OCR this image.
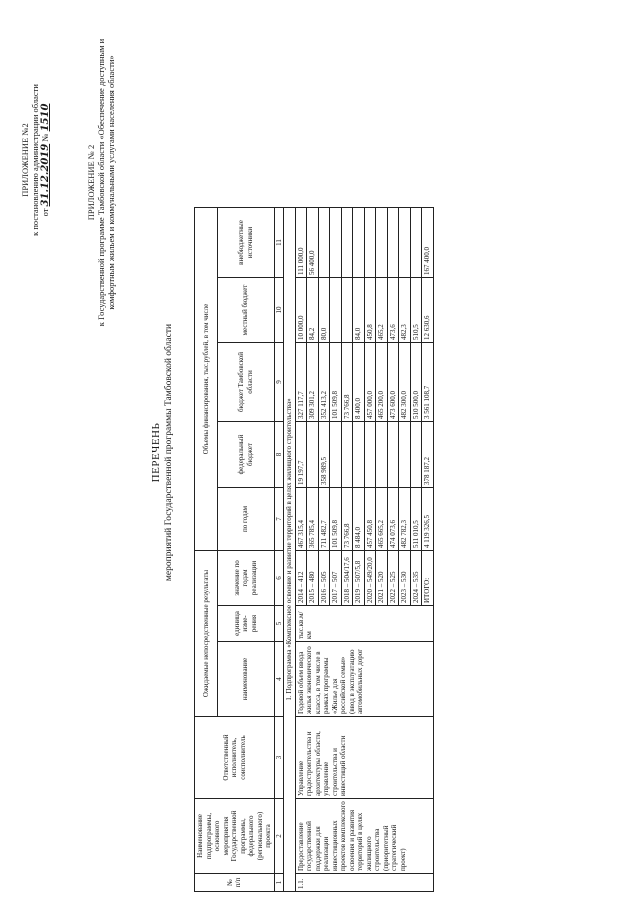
ПРИЛОЖЕНИЕ №2 к постановлению администрации области от 31.12.2019 № 1510
ПРИЛОЖЕНИЕ № 2 к Государственной программе Тамбовской области «Обеспечение доступным и комфортным жильем и коммунальными услугами населения области»
ПЕРЕЧЕНЬ мероприятий Государственной программы Тамбовской области
№ п/п	Наименование подпрограммы, основного мероприятия Государственной программы, федерального (регионального) проекта	Ответственный исполнитель, соисполнитель	Ожидаемые непосредственные результаты			Объемы финансирования, тыс.рублей, в том числе				
			наименование	единица изме-рения	значение по годам реализации	по годам	федеральный бюджет	бюджет Тамбовской области	местный бюджет	внебюджетные источники
1	2	3	4	5	6	7	8	9	10	11
1. Подпрограмма «Комплексное освоение и развитие территорий в целях жилищного строительства»										
1.1.	Предоставление государственной поддержки для реализации инвестиционных проектов комплексного освоения и развития территорий в целях жилищного строительства (приоритетный стратегический проект)	Управление градостроительства и архитектуры области, управление строительства и инвестиций области	Годовой объем ввода жилья экономического класса, в том числе в рамках программы «Жилье для российской семьи» (ввод в эксплуатацию автомобильных дорог	тыс.кв.м/ км	2014 – 412	467 315,4	19 197,7	327 117,7	10 000,0	111 000,0
					2015 – 480	365 785,4		309 301,2	84,2	56 400,0
					2016 – 505	711 482,7	358 989,5	352 413,2	80,0	
					2017 – 507	101 509,8		101 509,8		
					2018 – 504/17,6	73 766,8		73 766,8		
					2019 – 507/5,8	8 484,0		8 400,0	84,0	
					2020 – 549/20,0	457 450,8		457 000,0	450,8	
					2021 – 520	465 665,2		465 200,0	465,2	
					2022 – 525	474 073,6		473 600,0	473,6	
					2023 – 530	482 782,3		482 300,0	482,3	
					2024 – 535	511 010,5		510 500,0	510,5	
					ИТОГО:	4 119 326,5	378 187,2	3 561 108,7	12 630,6	167 400,0
